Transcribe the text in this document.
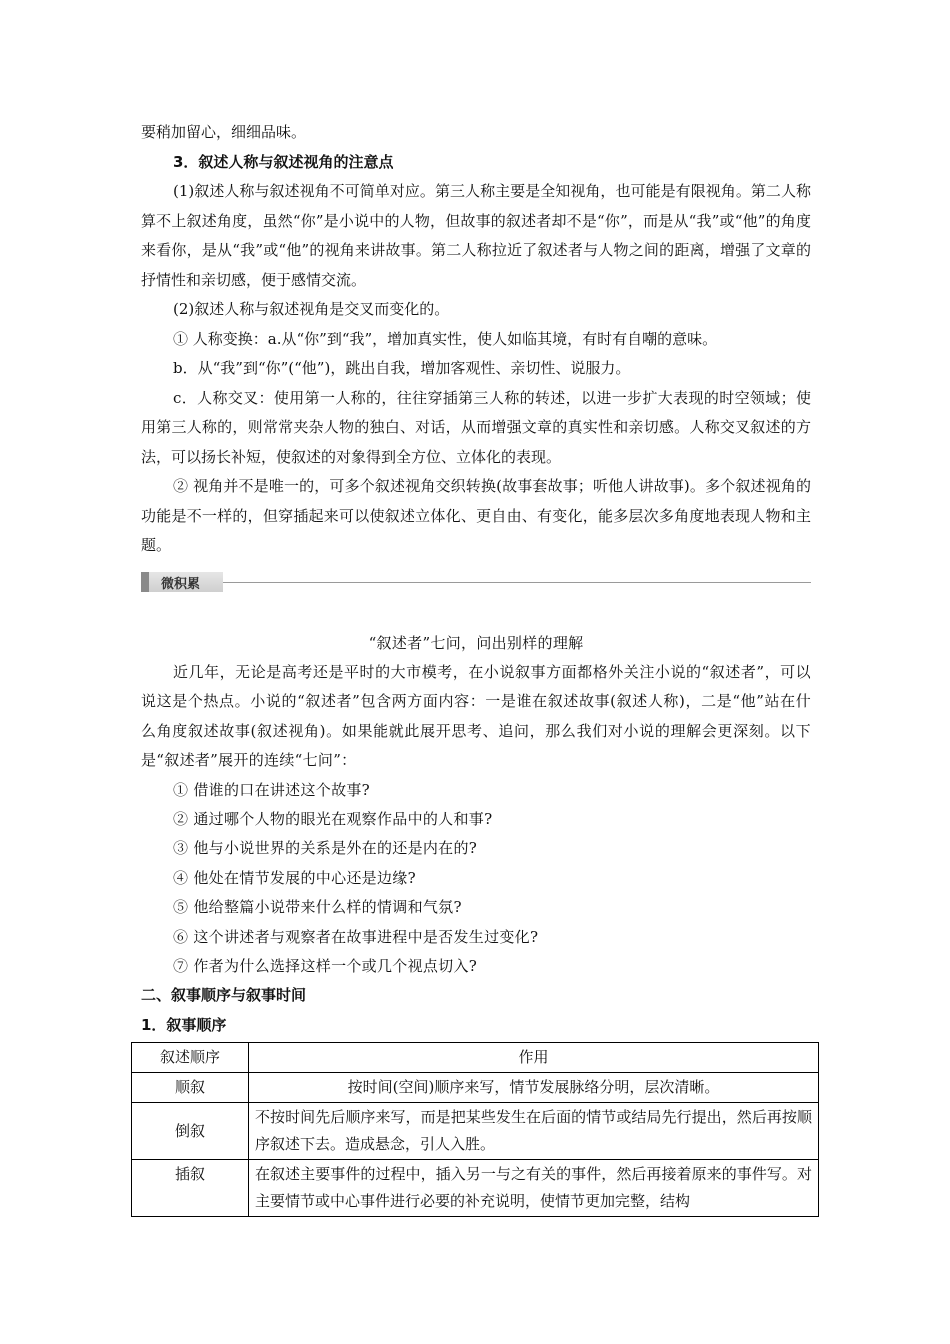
要稍加留心，细细品味。

3．叙述人称与叙述视角的注意点

(1)叙述人称与叙述视角不可简单对应。第三人称主要是全知视角，也可能是有限视角。第二人称算不上叙述角度，虽然“你”是小说中的人物，但故事的叙述者却不是“你”，而是从“我”或“他”的角度来看你，是从“我”或“他”的视角来讲故事。第二人称拉近了叙述者与人物之间的距离，增强了文章的抒情性和亲切感，便于感情交流。

(2)叙述人称与叙述视角是交叉而变化的。

① 人称变换：a.从“你”到“我”，增加真实性，使人如临其境，有时有自嘲的意味。

b．从“我”到“你”(“他”)，跳出自我，增加客观性、亲切性、说服力。

c．人称交叉：使用第一人称的，往往穿插第三人称的转述，以进一步扩大表现的时空领域；使用第三人称的，则常常夹杂人物的独白、对话，从而增强文章的真实性和亲切感。人称交叉叙述的方法，可以扬长补短，使叙述的对象得到全方位、立体化的表现。

② 视角并不是唯一的，可多个叙述视角交织转换(故事套故事；听他人讲故事)。多个叙述视角的功能是不一样的，但穿插起来可以使叙述立体化、更自由、有变化，能多层次多角度地表现人物和主题。

微积累

“叙述者”七问，问出别样的理解

近几年，无论是高考还是平时的大市模考，在小说叙事方面都格外关注小说的“叙述者”，可以说这是个热点。小说的“叙述者”包含两方面内容：一是谁在叙述故事(叙述人称)，二是“他”站在什么角度叙述故事(叙述视角)。如果能就此展开思考、追问，那么我们对小说的理解会更深刻。以下是“叙述者”展开的连续“七问”：

① 借谁的口在讲述这个故事?

② 通过哪个人物的眼光在观察作品中的人和事?

③ 他与小说世界的关系是外在的还是内在的?

④ 他处在情节发展的中心还是边缘?

⑤ 他给整篇小说带来什么样的情调和气氛?

⑥ 这个讲述者与观察者在故事进程中是否发生过变化?

⑦ 作者为什么选择这样一个或几个视点切入?

二、叙事顺序与叙事时间

1．叙事顺序

叙述顺序	作用
顺叙	按时间(空间)顺序来写，情节发展脉络分明，层次清晰。
倒叙	不按时间先后顺序来写，而是把某些发生在后面的情节或结局先行提出，然后再按顺序叙述下去。造成悬念，引人入胜。
插叙	在叙述主要事件的过程中，插入另一与之有关的事件，然后再接着原来的事件写。对主要情节或中心事件进行必要的补充说明，使情节更加完整，结构
